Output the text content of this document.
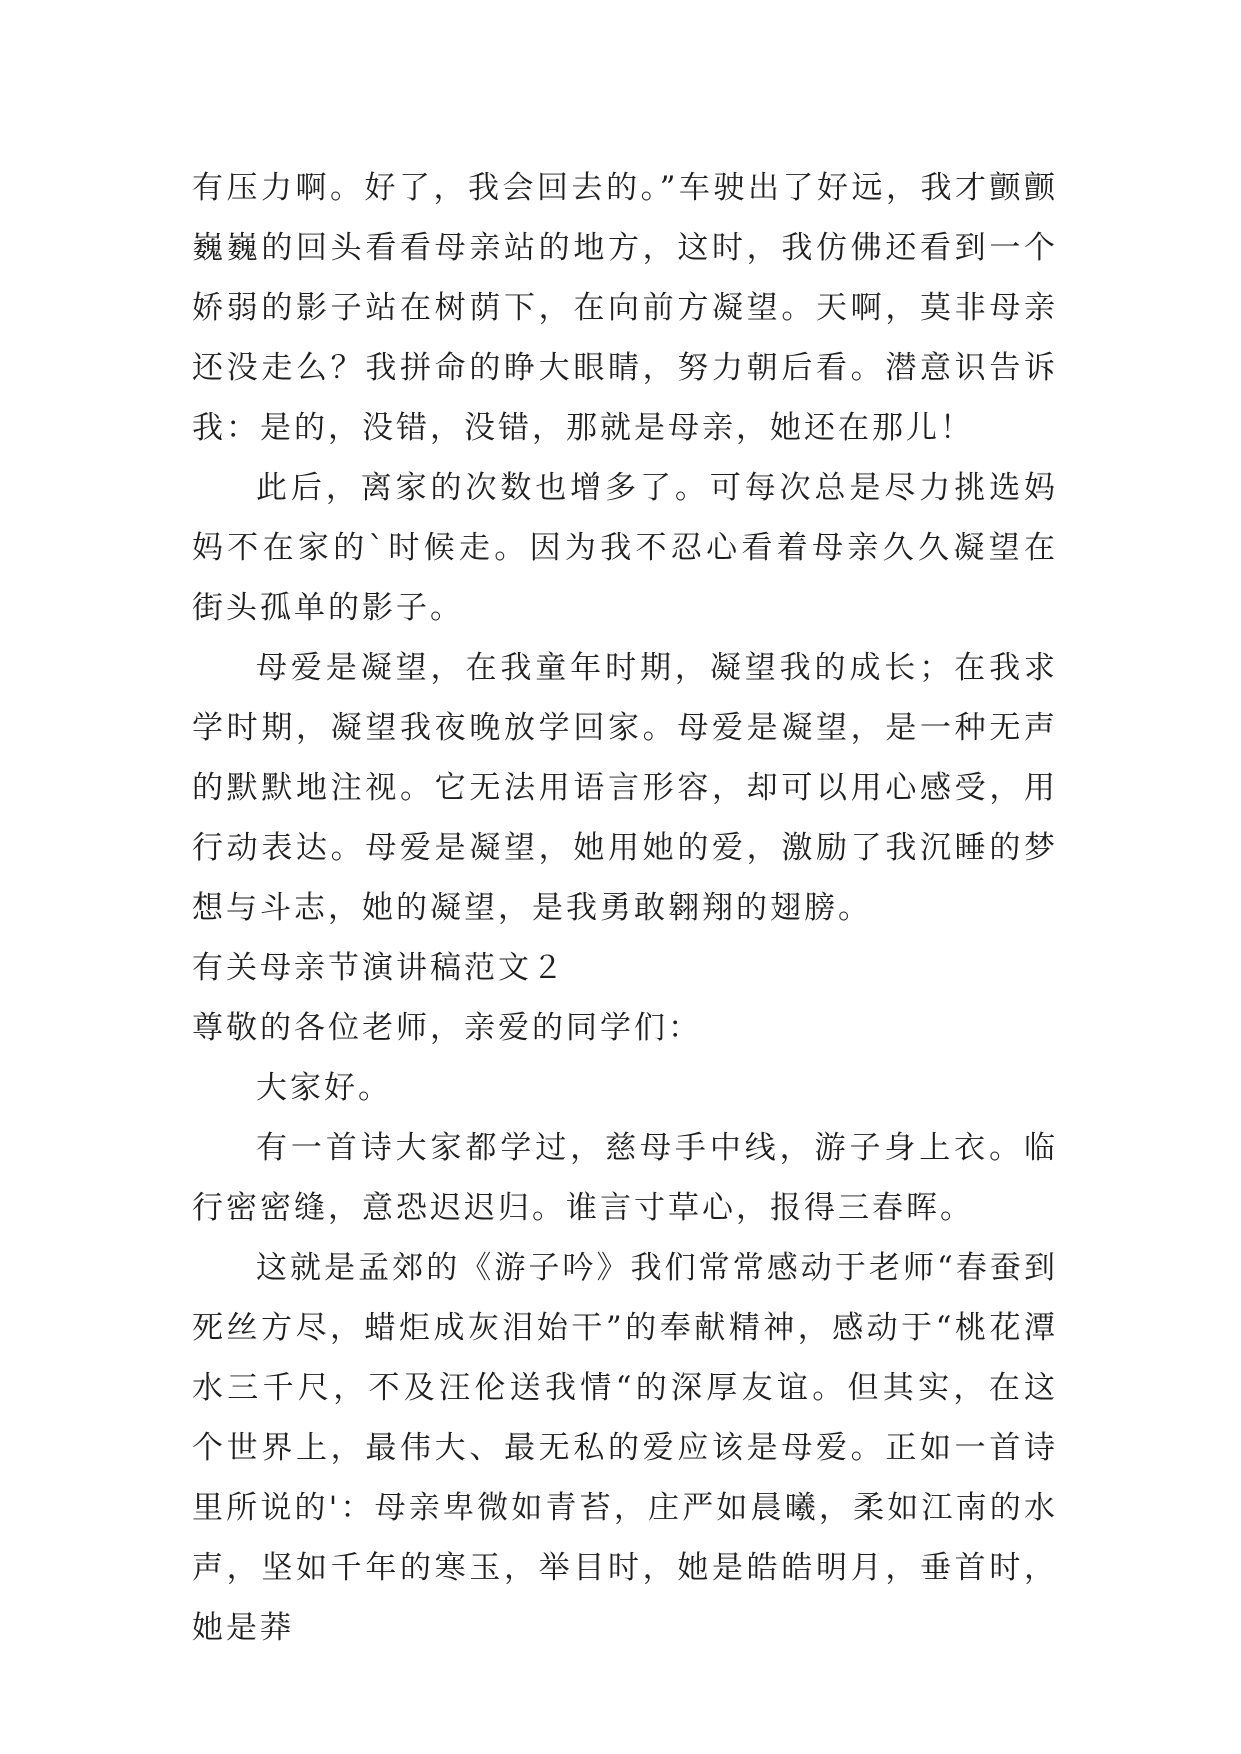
有压力啊。好了，我会回去的。”车驶出了好远，我才颤颤巍巍的回头看看母亲站的地方，这时，我仿佛还看到一个娇弱的影子站在树荫下，在向前方凝望。天啊，莫非母亲还没走么？我拼命的睁大眼睛，努力朝后看。潜意识告诉我：是的，没错，没错，那就是母亲，她还在那儿！

此后，离家的次数也增多了。可每次总是尽力挑选妈妈不在家的`时候走。因为我不忍心看着母亲久久凝望在街头孤单的影子。

母爱是凝望，在我童年时期，凝望我的成长；在我求学时期，凝望我夜晚放学回家。母爱是凝望，是一种无声的默默地注视。它无法用语言形容，却可以用心感受，用行动表达。母爱是凝望，她用她的爱，激励了我沉睡的梦想与斗志，她的凝望，是我勇敢翱翔的翅膀。

有关母亲节演讲稿范文２

尊敬的各位老师，亲爱的同学们：

大家好。

有一首诗大家都学过，慈母手中线，游子身上衣。临行密密缝，意恐迟迟归。谁言寸草心，报得三春晖。

这就是孟郊的《游子吟》我们常常感动于老师“春蚕到死丝方尽，蜡炬成灰泪始干”的奉献精神，感动于“桃花潭水三千尺，不及汪伦送我情“的深厚友谊。但其实，在这个世界上，最伟大、最无私的爱应该是母爱。正如一首诗里所说的'：母亲卑微如青苔，庄严如晨曦，柔如江南的水声，坚如千年的寒玉，举目时，她是皓皓明月，垂首时，她是莽
